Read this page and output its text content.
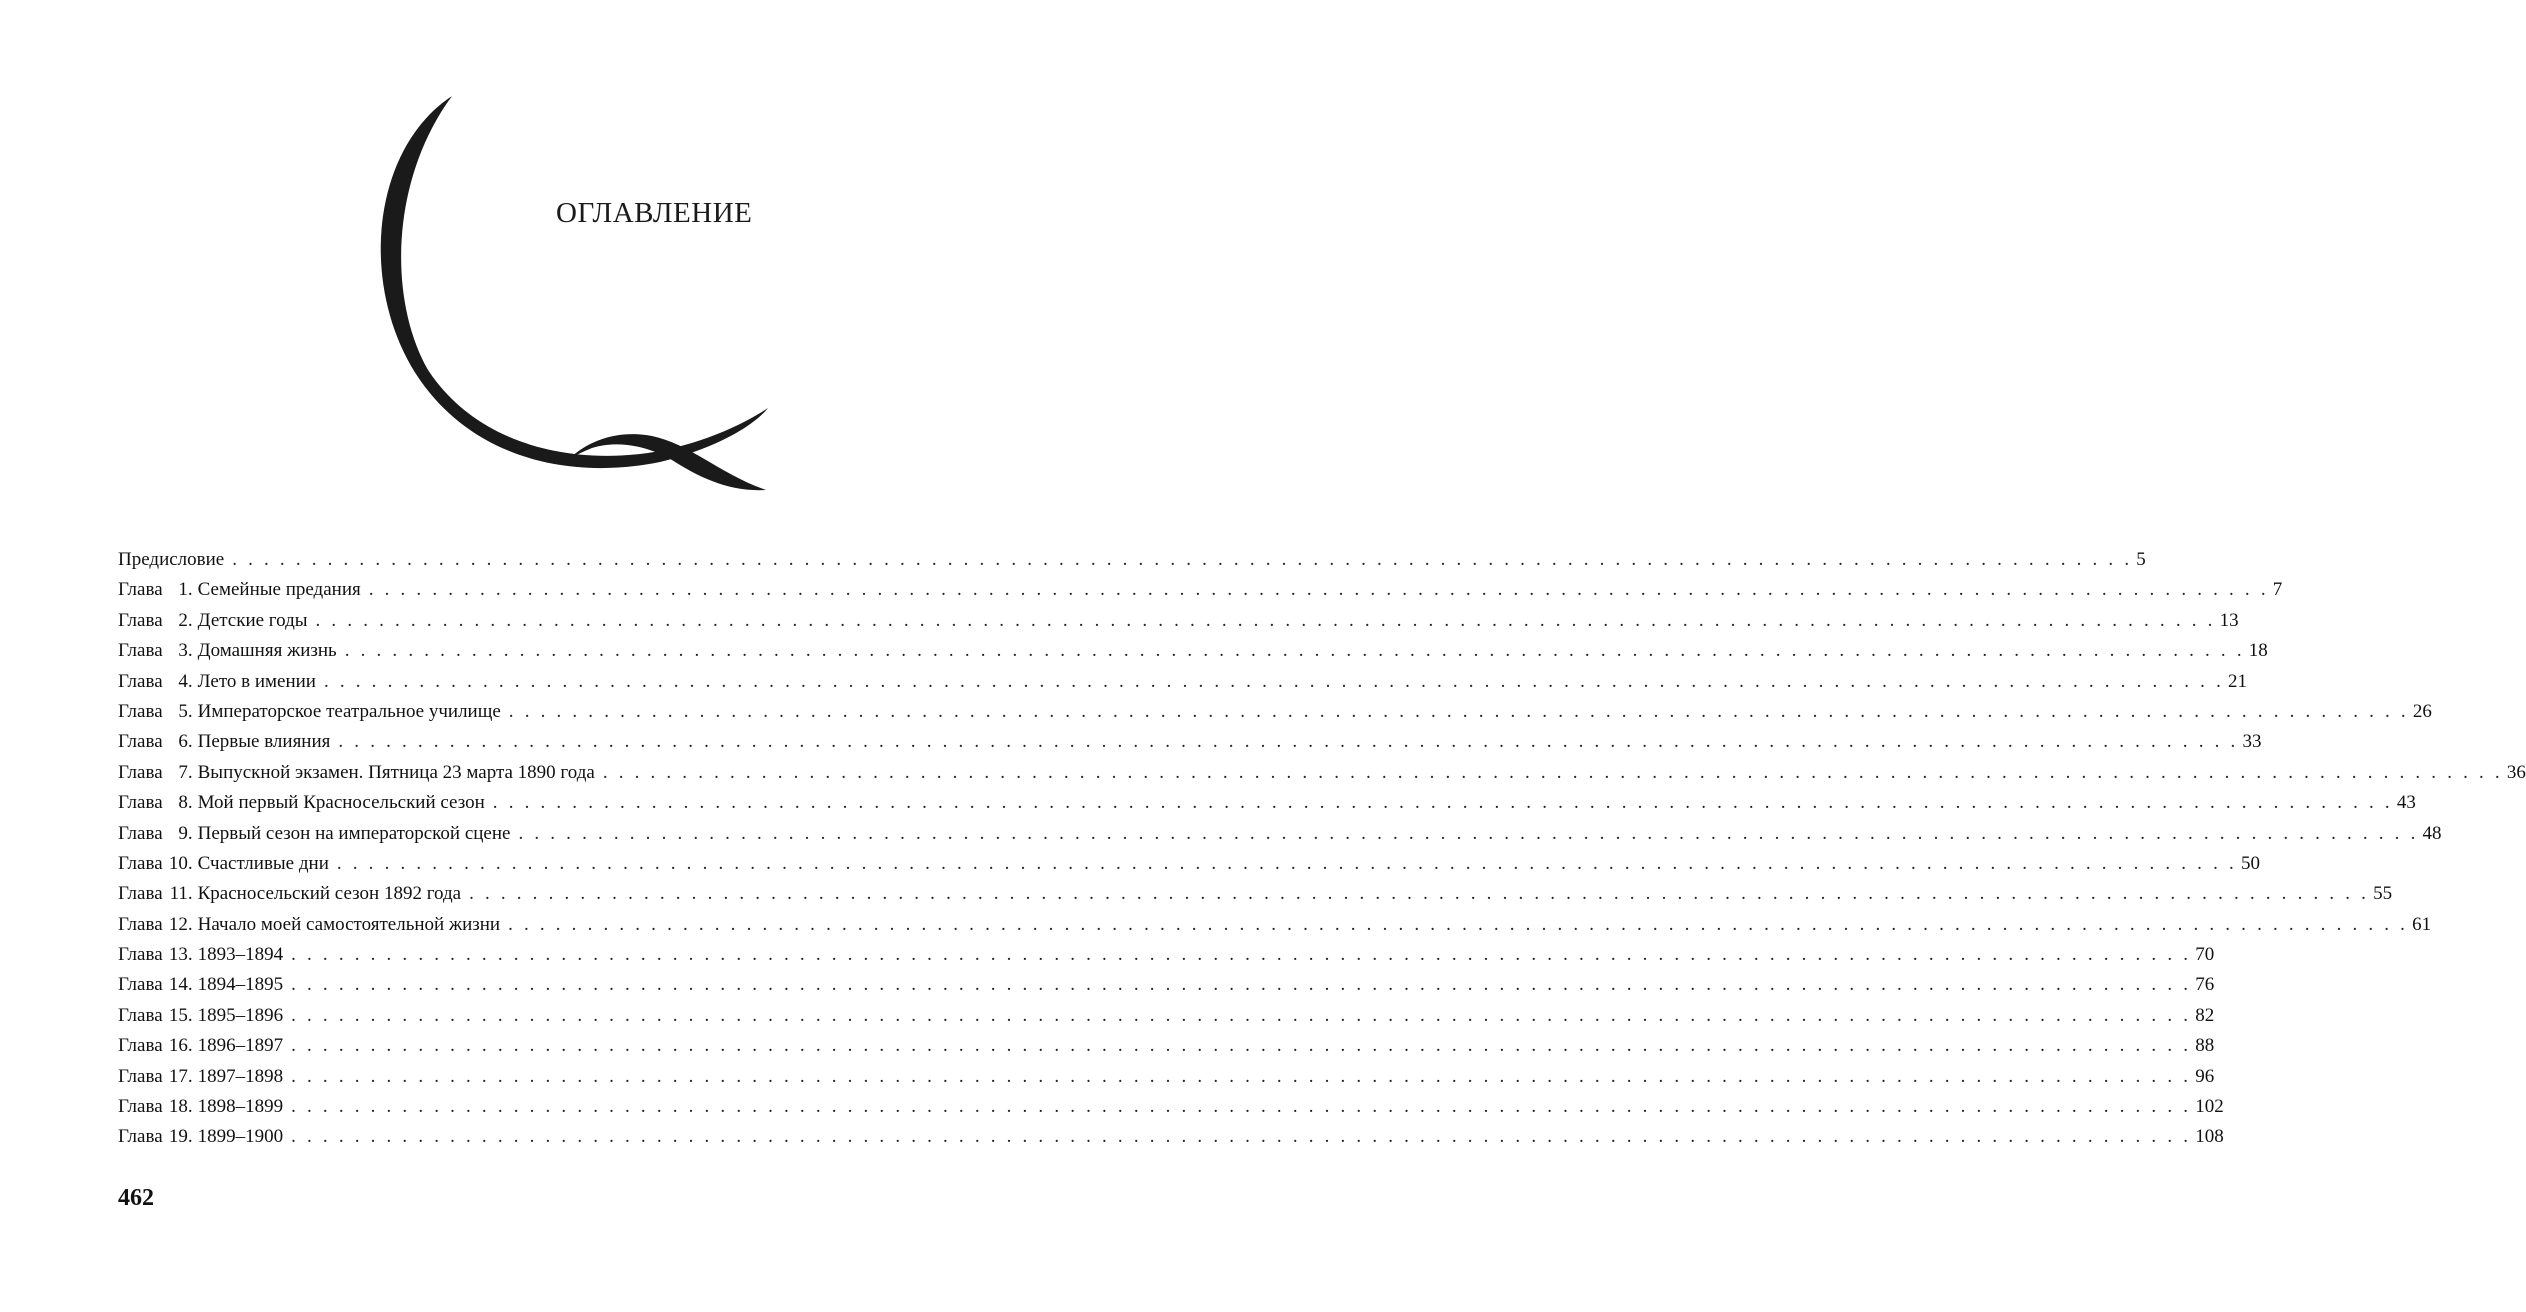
ОГЛАВЛЕНИЕ
Предисловие . . . . . . . . . . . . . . . . . . . . . . . . . . . . . . . . . . . . . . . . . . . . . . . . . . . . . . . . . . . . . . . . . . . . . . . . . . . . . . . . . . . . . . . . . . . . . . . . . . . . . . . . . . . . . . . . . . . . . . . . 5
Глава 1. Семейные предания . . . . . . . . . . . . . . . . . . . . . . . . . . . . . . . . . . . . . . . . . . . . . . . . . . . . . . . . . . . . . . . . . . . . . . . . . . . . . . . . . . . . . . . . . . . . . . . . . . . . . . . . . . . . . . . . . . . . . . . . 7
Глава 2. Детские годы . . . . . . . . . . . . . . . . . . . . . . . . . . . . . . . . . . . . . . . . . . . . . . . . . . . . . . . . . . . . . . . . . . . . . . . . . . . . . . . . . . . . . . . . . . . . . . . . . . . . . . . . . . . . . . . . . . . . . . . . 13
Глава 3. Домашняя жизнь . . . . . . . . . . . . . . . . . . . . . . . . . . . . . . . . . . . . . . . . . . . . . . . . . . . . . . . . . . . . . . . . . . . . . . . . . . . . . . . . . . . . . . . . . . . . . . . . . . . . . . . . . . . . . . . . . . . . . . . . 18
Глава 4. Лето в имении . . . . . . . . . . . . . . . . . . . . . . . . . . . . . . . . . . . . . . . . . . . . . . . . . . . . . . . . . . . . . . . . . . . . . . . . . . . . . . . . . . . . . . . . . . . . . . . . . . . . . . . . . . . . . . . . . . . . . . . . 21
Глава 5. Императорское театральное училище . . . . . . . . . . . . . . . . . . . . . . . . . . . . . . . . . . . . . . . . . . . . . . . . . . . . . . . . . . . . . . . . . . . . . . . . . . . . . . . . . . . . . . . . . . . . . . . . . . . . . . . . . . . . . . . . . . . . . . . . 26
Глава 6. Первые влияния . . . . . . . . . . . . . . . . . . . . . . . . . . . . . . . . . . . . . . . . . . . . . . . . . . . . . . . . . . . . . . . . . . . . . . . . . . . . . . . . . . . . . . . . . . . . . . . . . . . . . . . . . . . . . . . . . . . . . . . . 33
Глава 7. Выпускной экзамен. Пятница 23 марта 1890 года . . . . . . . . . . . . . . . . . . . . . . . . . . . . . . . . . . . . . . . . . . . . . . . . . . . . . . . . . . . . . . . . . . . . . . . . . . . . . . . . . . . . . . . . . . . . . . . . . . . . . . . . . . . . . . . . . . . . . . . . 36
Глава 8. Мой первый Красносельский сезон . . . . . . . . . . . . . . . . . . . . . . . . . . . . . . . . . . . . . . . . . . . . . . . . . . . . . . . . . . . . . . . . . . . . . . . . . . . . . . . . . . . . . . . . . . . . . . . . . . . . . . . . . . . . . . . . . . . . . . . . 43
Глава 9. Первый сезон на императорской сцене . . . . . . . . . . . . . . . . . . . . . . . . . . . . . . . . . . . . . . . . . . . . . . . . . . . . . . . . . . . . . . . . . . . . . . . . . . . . . . . . . . . . . . . . . . . . . . . . . . . . . . . . . . . . . . . . . . . . . . . . 48
Глава 10. Счастливые дни . . . . . . . . . . . . . . . . . . . . . . . . . . . . . . . . . . . . . . . . . . . . . . . . . . . . . . . . . . . . . . . . . . . . . . . . . . . . . . . . . . . . . . . . . . . . . . . . . . . . . . . . . . . . . . . . . . . . . . . . 50
Глава 11. Красносельский сезон 1892 года . . . . . . . . . . . . . . . . . . . . . . . . . . . . . . . . . . . . . . . . . . . . . . . . . . . . . . . . . . . . . . . . . . . . . . . . . . . . . . . . . . . . . . . . . . . . . . . . . . . . . . . . . . . . . . . . . . . . . . . . 55
Глава 12. Начало моей самостоятельной жизни . . . . . . . . . . . . . . . . . . . . . . . . . . . . . . . . . . . . . . . . . . . . . . . . . . . . . . . . . . . . . . . . . . . . . . . . . . . . . . . . . . . . . . . . . . . . . . . . . . . . . . . . . . . . . . . . . . . . . . . . 61
Глава 13. 1893–1894 . . . . . . . . . . . . . . . . . . . . . . . . . . . . . . . . . . . . . . . . . . . . . . . . . . . . . . . . . . . . . . . . . . . . . . . . . . . . . . . . . . . . . . . . . . . . . . . . . . . . . . . . . . . . . . . . . . . . . . . . 70
Глава 14. 1894–1895 . . . . . . . . . . . . . . . . . . . . . . . . . . . . . . . . . . . . . . . . . . . . . . . . . . . . . . . . . . . . . . . . . . . . . . . . . . . . . . . . . . . . . . . . . . . . . . . . . . . . . . . . . . . . . . . . . . . . . . . . 76
Глава 15. 1895–1896 . . . . . . . . . . . . . . . . . . . . . . . . . . . . . . . . . . . . . . . . . . . . . . . . . . . . . . . . . . . . . . . . . . . . . . . . . . . . . . . . . . . . . . . . . . . . . . . . . . . . . . . . . . . . . . . . . . . . . . . . 82
Глава 16. 1896–1897 . . . . . . . . . . . . . . . . . . . . . . . . . . . . . . . . . . . . . . . . . . . . . . . . . . . . . . . . . . . . . . . . . . . . . . . . . . . . . . . . . . . . . . . . . . . . . . . . . . . . . . . . . . . . . . . . . . . . . . . . 88
Глава 17. 1897–1898 . . . . . . . . . . . . . . . . . . . . . . . . . . . . . . . . . . . . . . . . . . . . . . . . . . . . . . . . . . . . . . . . . . . . . . . . . . . . . . . . . . . . . . . . . . . . . . . . . . . . . . . . . . . . . . . . . . . . . . . . 96
Глава 18. 1898–1899 . . . . . . . . . . . . . . . . . . . . . . . . . . . . . . . . . . . . . . . . . . . . . . . . . . . . . . . . . . . . . . . . . . . . . . . . . . . . . . . . . . . . . . . . . . . . . . . . . . . . . . . . . . . . . . . . . . . . . . . . 102
Глава 19. 1899–1900 . . . . . . . . . . . . . . . . . . . . . . . . . . . . . . . . . . . . . . . . . . . . . . . . . . . . . . . . . . . . . . . . . . . . . . . . . . . . . . . . . . . . . . . . . . . . . . . . . . . . . . . . . . . . . . . . . . . . . . . . 108
462
